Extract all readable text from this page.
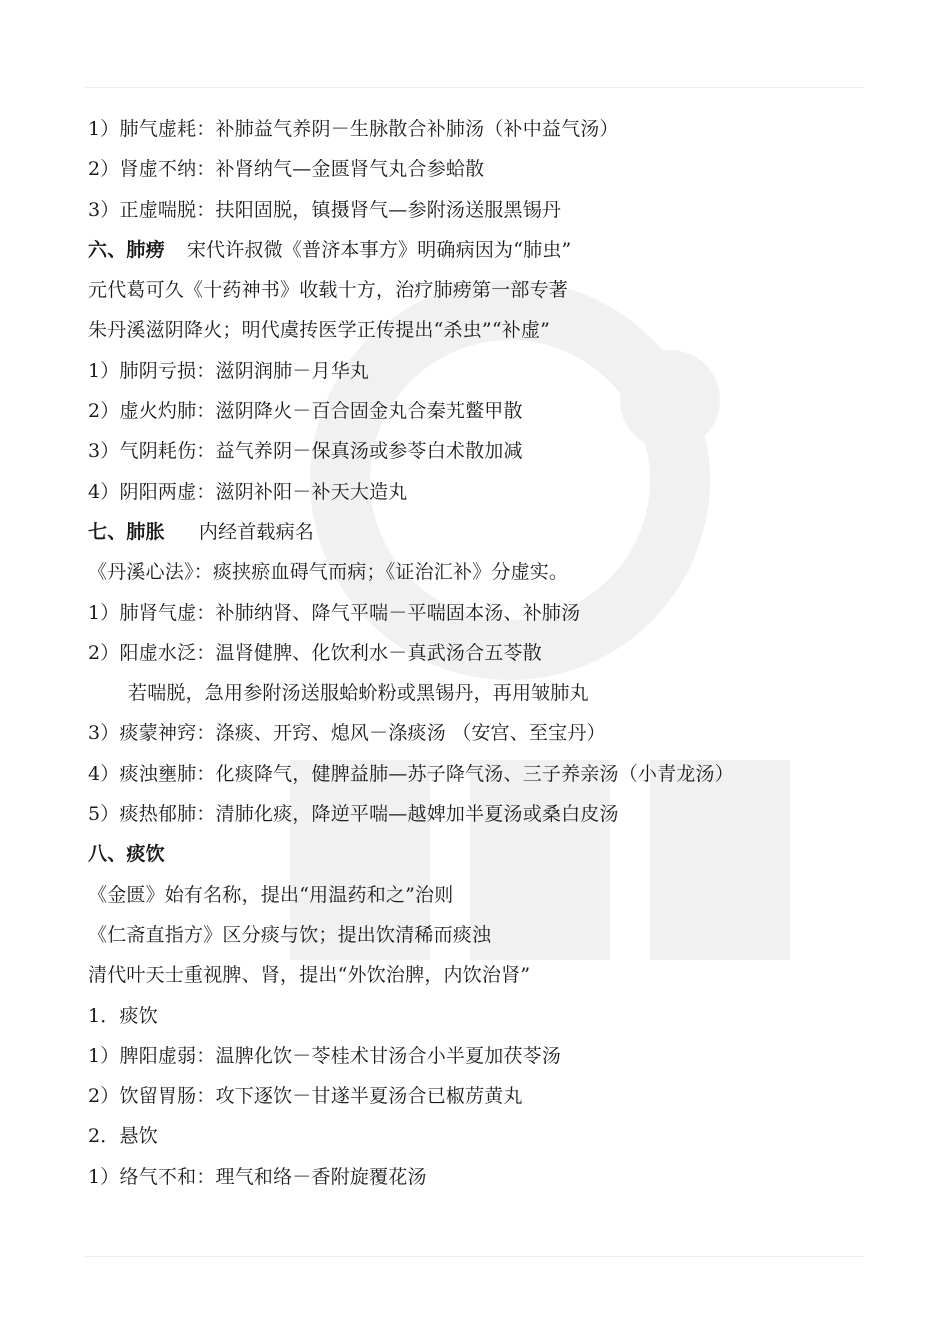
1）肺气虚耗：补肺益气养阴－生脉散合补肺汤（补中益气汤）
2）肾虚不纳：补肾纳气—金匮肾气丸合参蛤散
3）正虚喘脱：扶阳固脱，镇摄肾气—参附汤送服黑锡丹
六、肺痨 宋代许叔微《普济本事方》明确病因为“肺虫”
元代葛可久《十药神书》收载十方，治疗肺痨第一部专著
朱丹溪滋阴降火；明代虞抟医学正传提出“杀虫”“补虚”
1）肺阴亏损：滋阴润肺－月华丸
2）虚火灼肺：滋阴降火－百合固金丸合秦艽鳖甲散
3）气阴耗伤：益气养阴－保真汤或参苓白术散加减
4）阴阳两虚：滋阴补阳－补天大造丸
七、肺胀 内经首载病名
《丹溪心法》：痰挟瘀血碍气而病；《证治汇补》分虚实。
1）肺肾气虚：补肺纳肾、降气平喘－平喘固本汤、补肺汤
2）阳虚水泛：温肾健脾、化饮利水－真武汤合五苓散
若喘脱，急用参附汤送服蛤蚧粉或黑锡丹，再用皱肺丸
3）痰蒙神窍：涤痰、开窍、熄风－涤痰汤 （安宫、至宝丹）
4）痰浊壅肺：化痰降气，健脾益肺—苏子降气汤、三子养亲汤（小青龙汤）
5）痰热郁肺：清肺化痰，降逆平喘—越婢加半夏汤或桑白皮汤
八、痰饮
《金匮》始有名称，提出“用温药和之”治则
《仁斋直指方》区分痰与饮；提出饮清稀而痰浊
清代叶天士重视脾、肾，提出“外饮治脾，内饮治肾”
1．痰饮
1）脾阳虚弱：温脾化饮－苓桂术甘汤合小半夏加茯苓汤
2）饮留胃肠：攻下逐饮－甘遂半夏汤合已椒苈黄丸
2．悬饮
1）络气不和：理气和络－香附旋覆花汤
